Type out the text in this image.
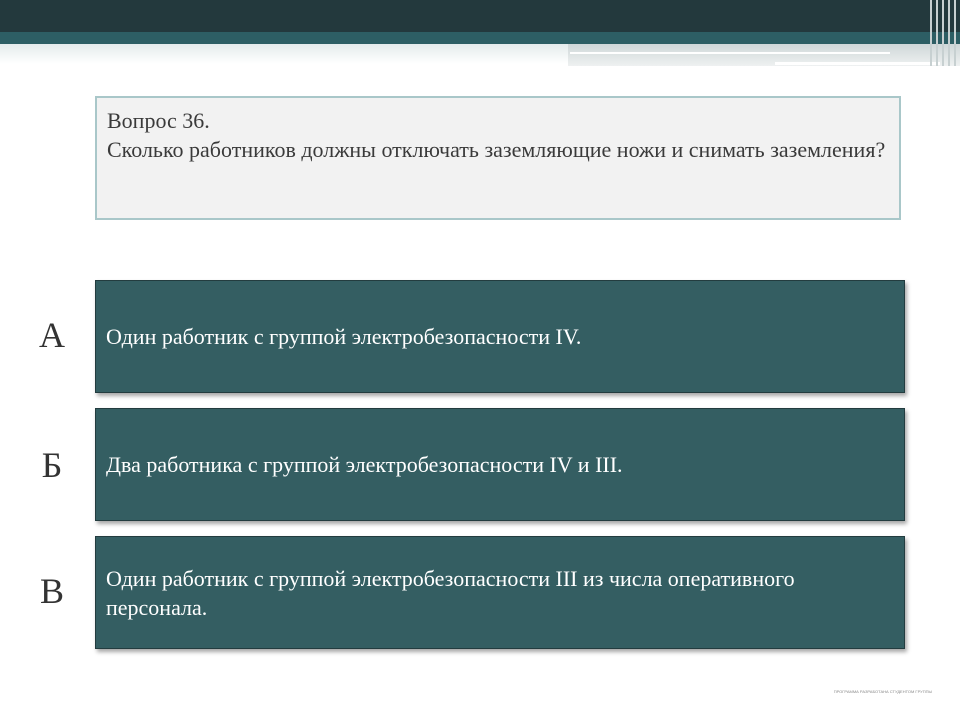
Вопрос 36.
Сколько работников должны отключать заземляющие ножи и снимать заземления?
А Один работник с группой электробезопасности IV.
Б	Два работника с группой электробезопасности IV и III.
В Один работник с группой электробезопасности III из числа оперативного персонала.
ПРОГРАММА РАЗРАБОТАНА СТУДЕНТОМ ГРУППЫ
